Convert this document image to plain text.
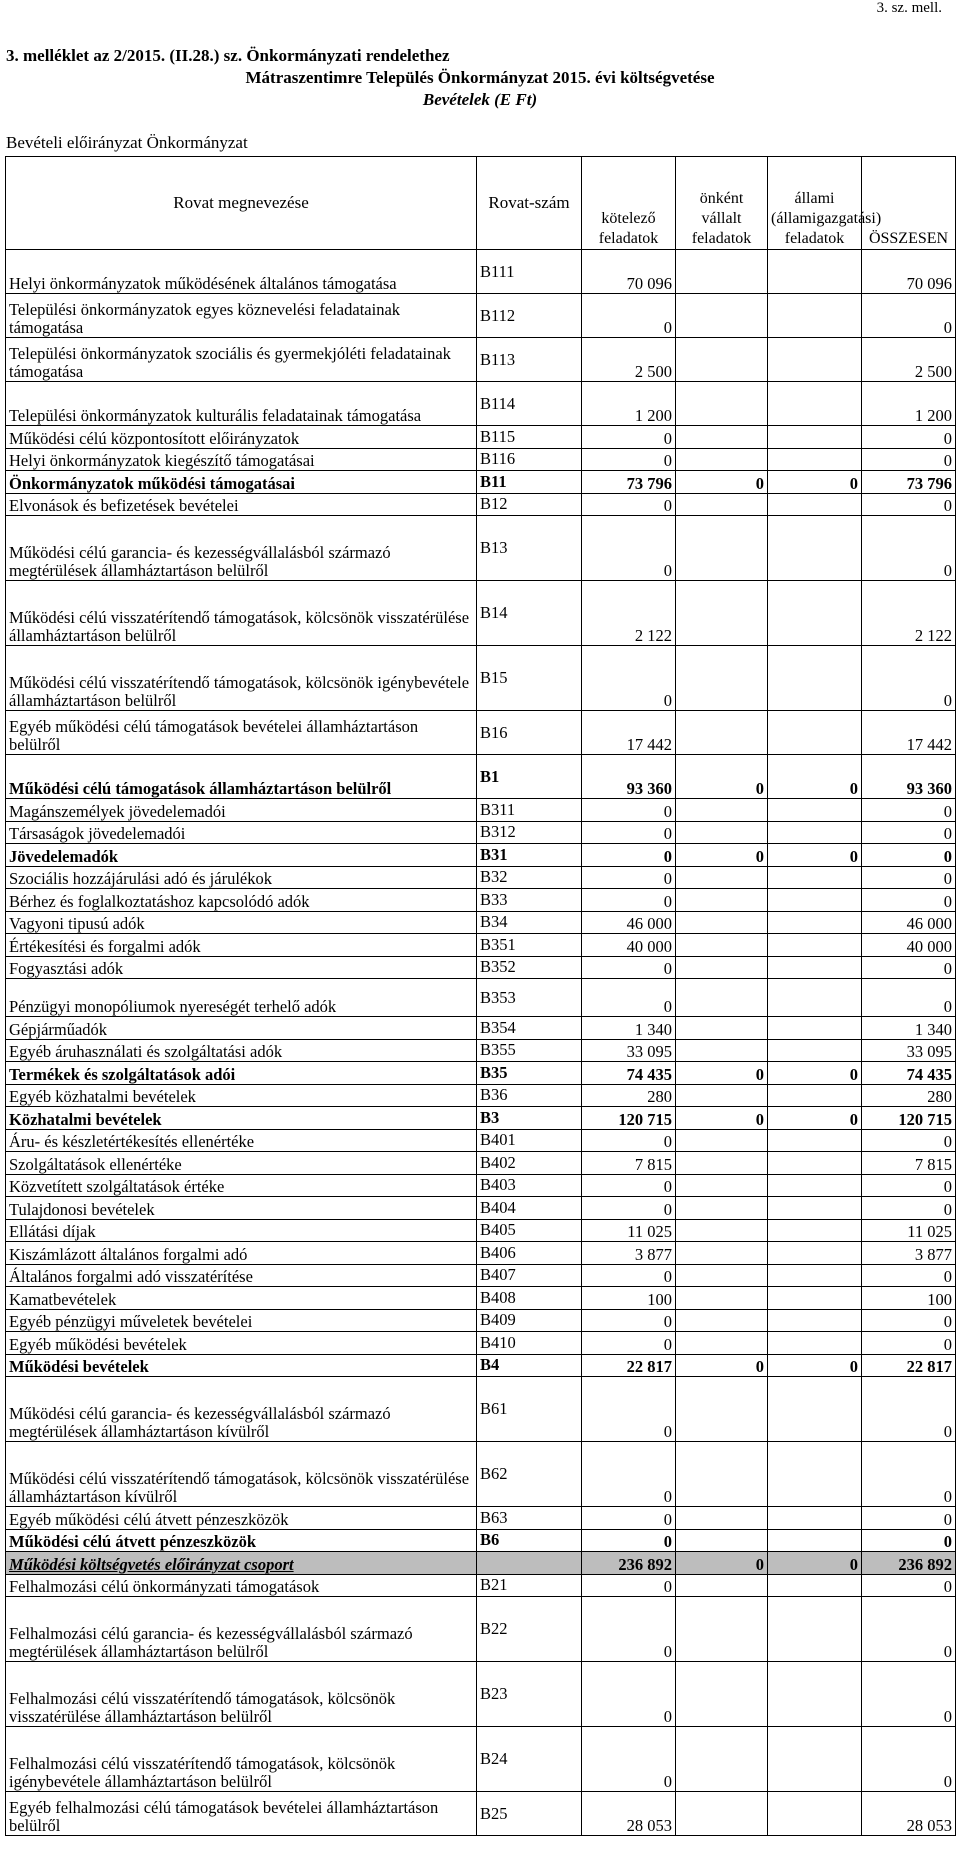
3. sz. mell.
3. melléklet az 2/2015. (II.28.) sz. Önkormányzati rendelethez
Mátraszentimre Település Önkormányzat 2015. évi költségvetése
Bevételek (E Ft)
Bevételi előirányzat Önkormányzat
Rovat megnevezése	Rovat-szám	kötelező feladatok	önként vállalt feladatok	állami (államigazgatási) feladatok	ÖSSZESEN
Helyi önkormányzatok működésének általános támogatása	B111	70 096			70 096
Települési önkormányzatok egyes köznevelési feladatainak támogatása	B112	0			0
Települési önkormányzatok szociális és gyermekjóléti feladatainak támogatása	B113	2 500			2 500
Települési önkormányzatok kulturális feladatainak támogatása	B114	1 200			1 200
Működési célú központosított előirányzatok	B115	0			0
Helyi önkormányzatok kiegészítő támogatásai	B116	0			0
Önkormányzatok működési támogatásai	B11	73 796	0	0	73 796
Elvonások és befizetések bevételei	B12	0			0
Működési célú garancia- és kezességvállalásból származó megtérülések államháztartáson belülről	B13	0			0
Működési célú visszatérítendő támogatások, kölcsönök visszatérülése államháztartáson belülről	B14	2 122			2 122
Működési célú visszatérítendő támogatások, kölcsönök igénybevétele államháztartáson belülről	B15	0			0
Egyéb működési célú támogatások bevételei államháztartáson belülről	B16	17 442			17 442
Működési célú támogatások államháztartáson belülről	B1	93 360	0	0	93 360
Magánszemélyek jövedelemadói	B311	0			0
Társaságok jövedelemadói	B312	0			0
Jövedelemadók	B31	0	0	0	0
Szociális hozzájárulási adó és járulékok	B32	0			0
Bérhez és foglalkoztatáshoz kapcsolódó adók	B33	0			0
Vagyoni tipusú adók	B34	46 000			46 000
Értékesítési és forgalmi adók	B351	40 000			40 000
Fogyasztási adók	B352	0			0
Pénzügyi monopóliumok nyereségét terhelő adók	B353	0			0
Gépjárműadók	B354	1 340			1 340
Egyéb áruhasználati és szolgáltatási adók	B355	33 095			33 095
Termékek és szolgáltatások adói	B35	74 435	0	0	74 435
Egyéb közhatalmi bevételek	B36	280			280
Közhatalmi bevételek	B3	120 715	0	0	120 715
Áru- és készletértékesítés ellenértéke	B401	0			0
Szolgáltatások ellenértéke	B402	7 815			7 815
Közvetített szolgáltatások értéke	B403	0			0
Tulajdonosi bevételek	B404	0			0
Ellátási díjak	B405	11 025			11 025
Kiszámlázott általános forgalmi adó	B406	3 877			3 877
Általános forgalmi adó visszatérítése	B407	0			0
Kamatbevételek	B408	100			100
Egyéb pénzügyi műveletek bevételei	B409	0			0
Egyéb működési bevételek	B410	0			0
Működési bevételek	B4	22 817	0	0	22 817
Működési célú garancia- és kezességvállalásból származó megtérülések államháztartáson kívülről	B61	0			0
Működési célú visszatérítendő támogatások, kölcsönök visszatérülése államháztartáson kívülről	B62	0			0
Egyéb működési célú átvett pénzeszközök	B63	0			0
Működési célú átvett pénzeszközök	B6	0			0
Működési költségvetés előirányzat csoport		236 892	0	0	236 892
Felhalmozási célú önkormányzati támogatások	B21	0			0
Felhalmozási célú garancia- és kezességvállalásból származó megtérülések államháztartáson belülről	B22	0			0
Felhalmozási célú visszatérítendő támogatások, kölcsönök visszatérülése államháztartáson belülről	B23	0			0
Felhalmozási célú visszatérítendő támogatások, kölcsönök igénybevétele államháztartáson belülről	B24	0			0
Egyéb felhalmozási célú támogatások bevételei államháztartáson belülről	B25	28 053			28 053
